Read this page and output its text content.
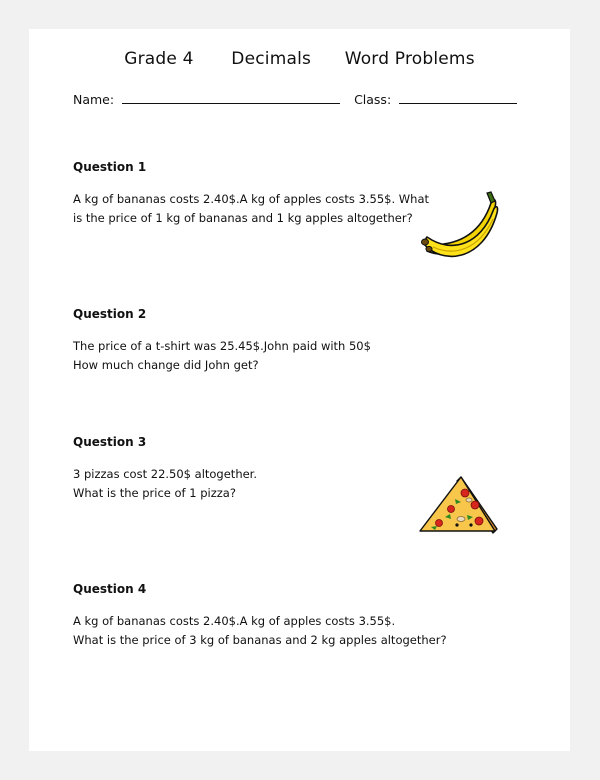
Grade 4 Decimals Word Problems
Name:	Class:
Question 1
A kg of bananas costs 2.40$.A kg of apples costs 3.55$. What
is the price of 1 kg of bananas and 1 kg apples altogether?
Question 2
The price of a t-shirt was 25.45$.John paid with 50$
How much change did John get?
Question 3
3 pizzas cost 22.50$ altogether.
What is the price of 1 pizza?
Question 4
A kg of bananas costs 2.40$.A kg of apples costs 3.55$.
What is the price of 3 kg of bananas and 2 kg apples altogether?
